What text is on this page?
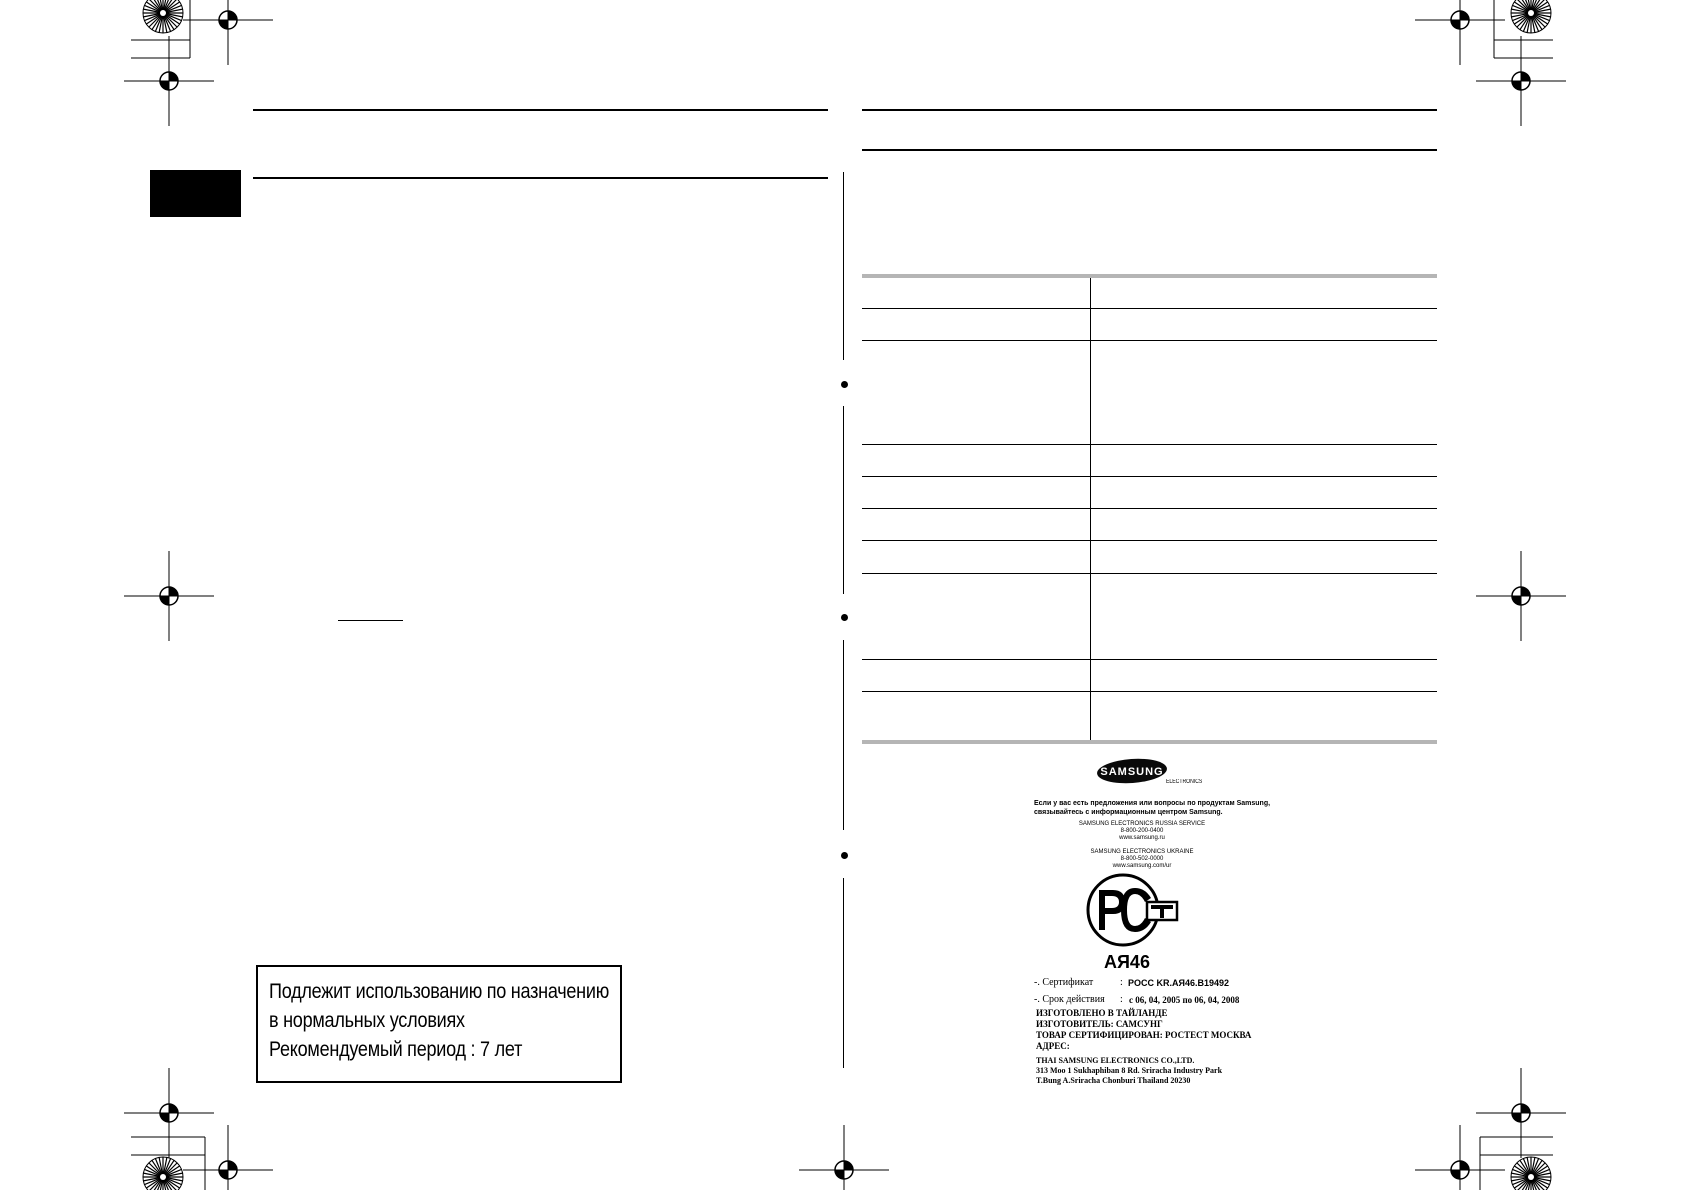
Подлежит использованию по назначению
в нормальных условиях
Рекомендуемый период : 7 лет
SAMSUNG
ELECTRONICS
Если у вас есть предложения или вопросы по продуктам Samsung,
связывайтесь с информационным центром Samsung.
SAMSUNG ELECTRONICS RUSSIA SERVICE
8-800-200-0400
www.samsung.ru
SAMSUNG ELECTRONICS UKRAINE
8-800-502-0000
www.samsung.com/ur
АЯ46
-. Сертификат	: POCC KR.АЯ46.B19492
-. Срок действия : с 06, 04, 2005 по 06, 04, 2008
ИЗГОТОВЛЕНО В ТАЙЛАНДЕ
ИЗГОТОВИТЕЛЬ: САМСУНГ
ТОВАР СЕРТИФИЦИРОВАН: РОСТЕСТ МОСКВА
АДРЕС:
THAI SAMSUNG ELECTRONICS CO.,LTD.
313 Moo 1 Sukhaphiban 8 Rd. Sriracha Industry Park
T.Bung A.Sriracha Chonburi Thailand 20230
